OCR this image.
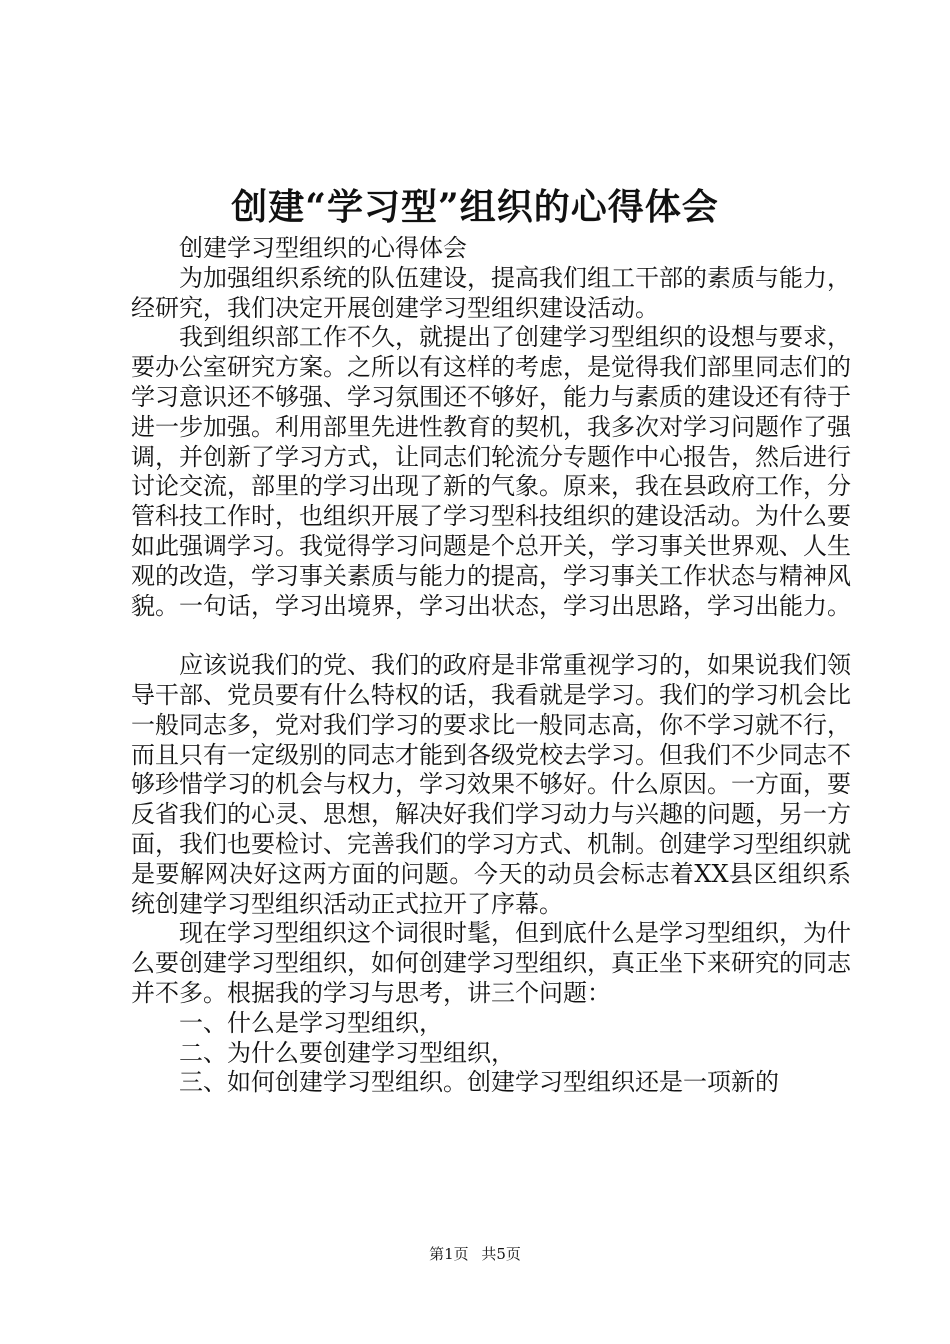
创建“学习型”组织的心得体会

创建学习型组织的心得体会

为加强组织系统的队伍建设，提高我们组工干部的素质与能力，经研究，我们决定开展创建学习型组织建设活动。

我到组织部工作不久，就提出了创建学习型组织的设想与要求，要办公室研究方案。之所以有这样的考虑，是觉得我们部里同志们的学习意识还不够强、学习氛围还不够好，能力与素质的建设还有待于进一步加强。利用部里先进性教育的契机，我多次对学习问题作了强调，并创新了学习方式，让同志们轮流分专题作中心报告，然后进行讨论交流，部里的学习出现了新的气象。原来，我在县政府工作，分管科技工作时，也组织开展了学习型科技组织的建设活动。为什么要如此强调学习。我觉得学习问题是个总开关，学习事关世界观、人生观的改造，学习事关素质与能力的提高，学习事关工作状态与精神风貌。一句话，学习出境界，学习出状态，学习出思路，学习出能力。

应该说我们的党、我们的政府是非常重视学习的，如果说我们领导干部、党员要有什么特权的话，我看就是学习。我们的学习机会比一般同志多，党对我们学习的要求比一般同志高，你不学习就不行，而且只有一定级别的同志才能到各级党校去学习。但我们不少同志不够珍惜学习的机会与权力，学习效果不够好。什么原因。一方面，要反省我们的心灵、思想，解决好我们学习动力与兴趣的问题，另一方面，我们也要检讨、完善我们的学习方式、机制。创建学习型组织就是要解网决好这两方面的问题。今天的动员会标志着XX县区组织系统创建学习型组织活动正式拉开了序幕。

现在学习型组织这个词很时髦，但到底什么是学习型组织，为什么要创建学习型组织，如何创建学习型组织，真正坐下来研究的同志并不多。根据我的学习与思考，讲三个问题：

一、什么是学习型组织，

二、为什么要创建学习型组织，

三、如何创建学习型组织。创建学习型组织还是一项新的

第1页 共5页
